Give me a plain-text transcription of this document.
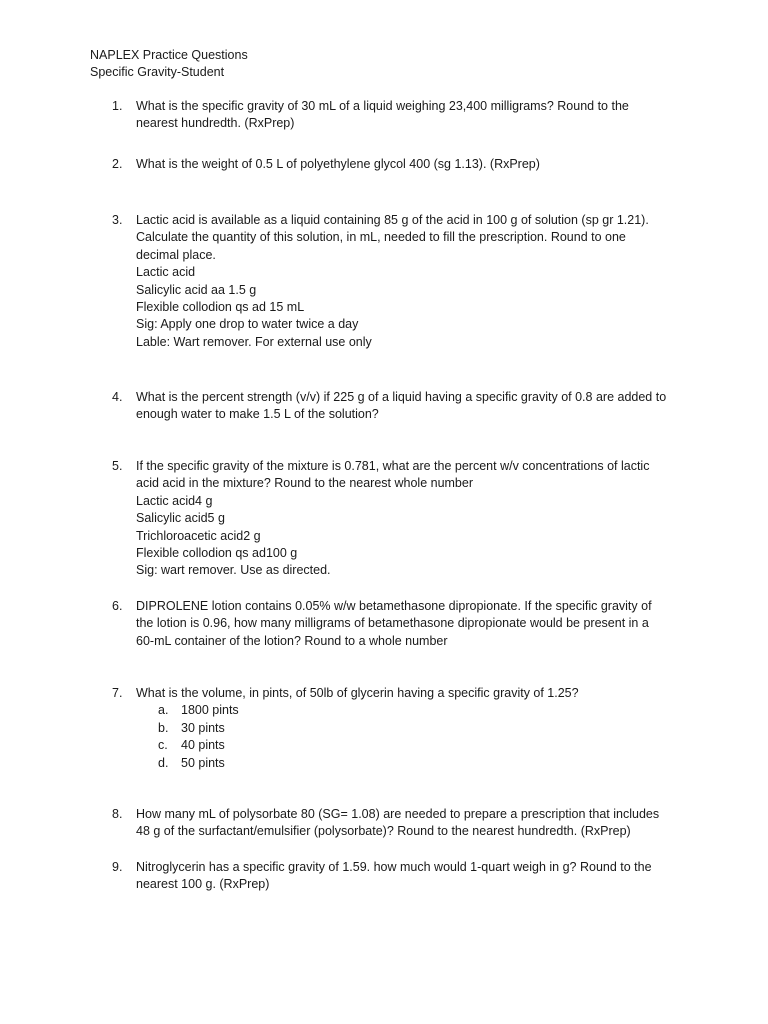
NAPLEX Practice Questions
Specific Gravity-Student
1. What is the specific gravity of 30 mL of a liquid weighing 23,400 milligrams? Round to the
nearest hundredth. (RxPrep)
2. What is the weight of 0.5 L of polyethylene glycol 400 (sg 1.13). (RxPrep)
3. Lactic acid is available as a liquid containing 85 g of the acid in 100 g of solution (sp gr 1.21).
Calculate the quantity of this solution, in mL, needed to fill the prescription. Round to one
decimal place.
Lactic acid
Salicylic acid aa 1.5 g
Flexible collodion qs ad 15 mL
Sig: Apply one drop to water twice a day
Lable: Wart remover. For external use only
4. What is the percent strength (v/v) if 225 g of a liquid having a specific gravity of 0.8 are added to
enough water to make 1.5 L of the solution?
5. If the specific gravity of the mixture is 0.781, what are the percent w/v concentrations of lactic
acid acid in the mixture? Round to the nearest whole number
Lactic acid4 g
Salicylic acid5 g
Trichloroacetic acid2 g
Flexible collodion qs ad100 g
Sig: wart remover. Use as directed.
6. DIPROLENE lotion contains 0.05% w/w betamethasone dipropionate. If the specific gravity of
the lotion is 0.96, how many milligrams of betamethasone dipropionate would be present in a
60-mL container of the lotion? Round to a whole number
7. What is the volume, in pints, of 50lb of glycerin having a specific gravity of 1.25?
a. 1800 pints
b. 30 pints
c. 40 pints
d. 50 pints
8. How many mL of polysorbate 80 (SG= 1.08) are needed to prepare a prescription that includes
48 g of the surfactant/emulsifier (polysorbate)? Round to the nearest hundredth. (RxPrep)
9. Nitroglycerin has a specific gravity of 1.59. how much would 1-quart weigh in g? Round to the
nearest 100 g. (RxPrep)
